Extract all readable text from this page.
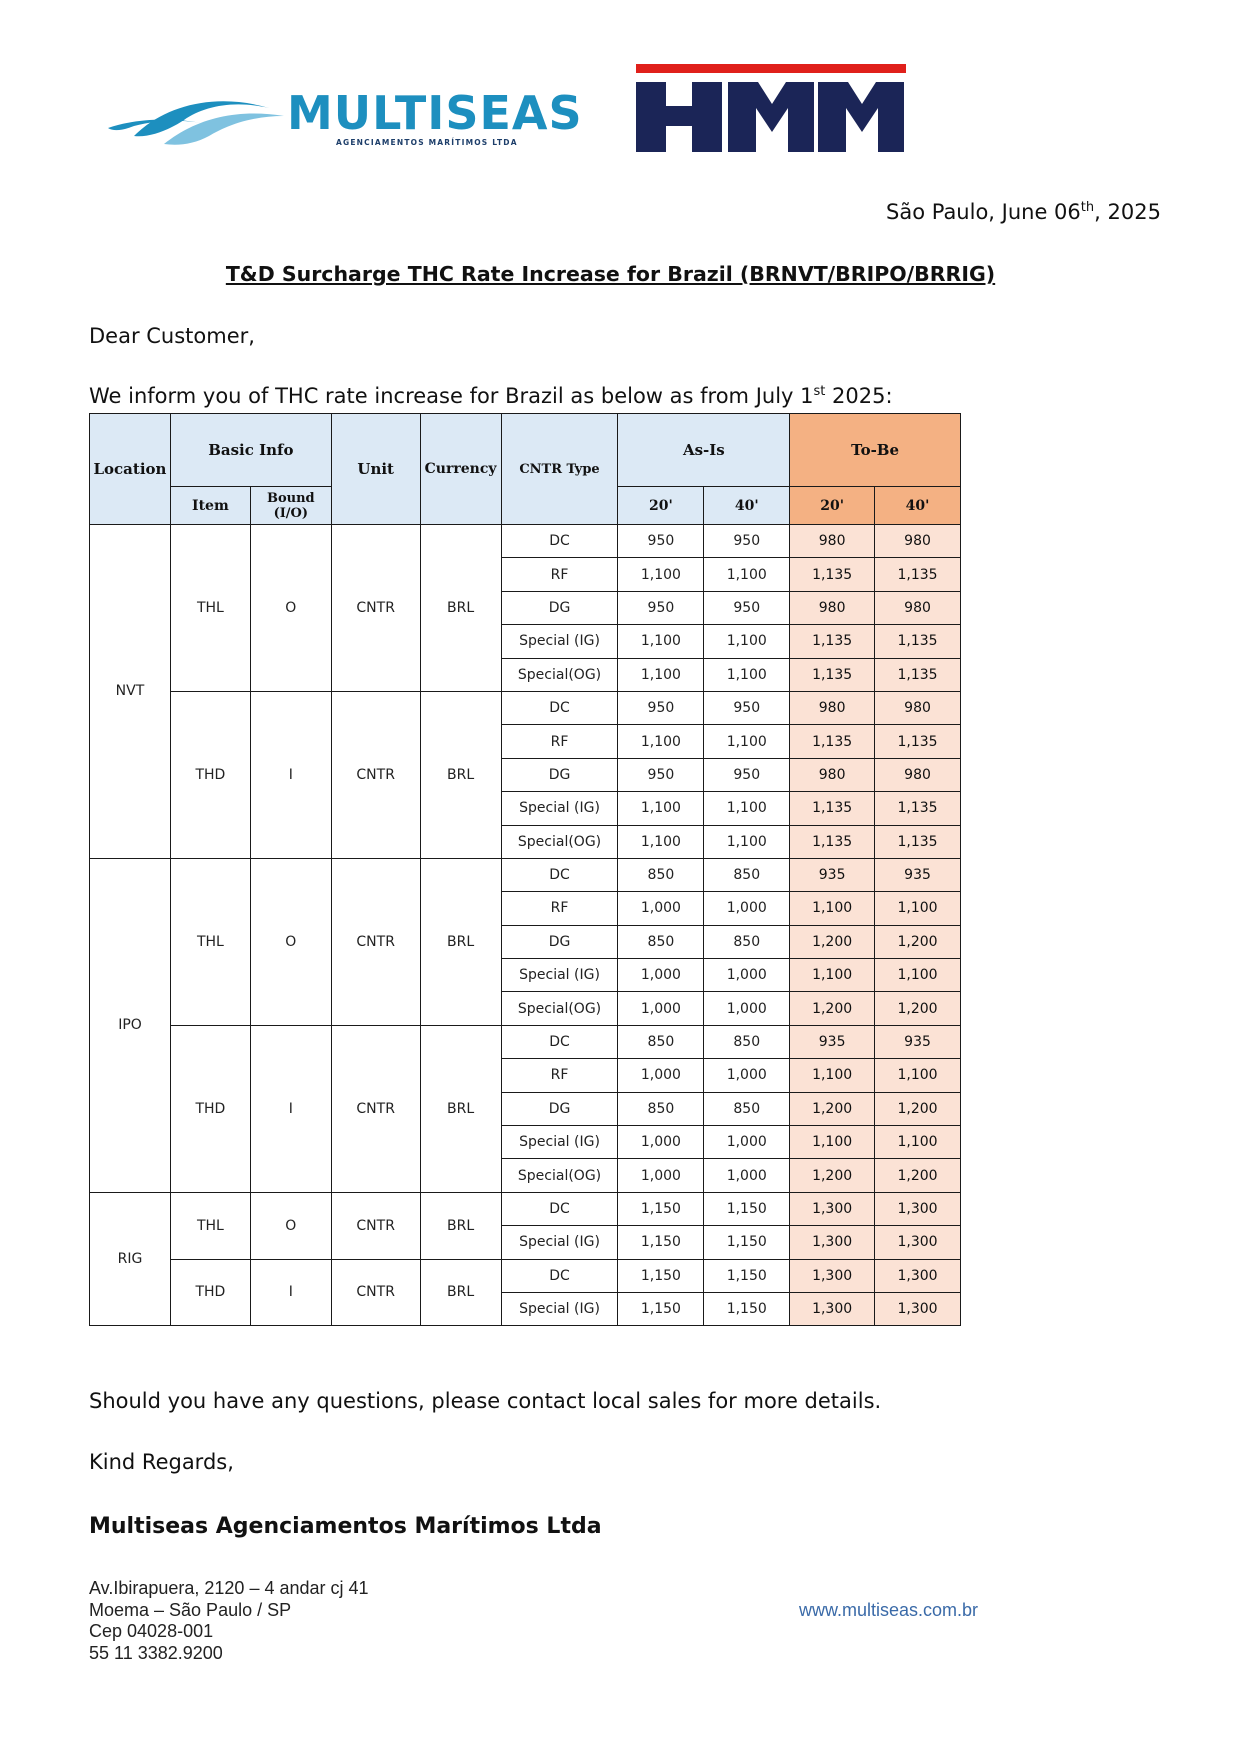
MULTISEAS
AGENCIAMENTOS MARÍTIMOS LTDA
São Paulo, June 06th, 2025
T&D Surcharge THC Rate Increase for Brazil (BRNVT/BRIPO/BRRIG)
Dear Customer,
We inform you of THC rate increase for Brazil as below as from July 1st 2025:
Location	Basic Info		Unit	Currency	CNTR Type	As-Is		To-Be	
	Item	Bound (I/O)				20'	40'	20'	40'
NVT	THL	O	CNTR	BRL	DC	950	950	980	980
					RF	1,100	1,100	1,135	1,135
					DG	950	950	980	980
					Special (IG)	1,100	1,100	1,135	1,135
					Special(OG)	1,100	1,100	1,135	1,135
	THD	I	CNTR	BRL	DC	950	950	980	980
					RF	1,100	1,100	1,135	1,135
					DG	950	950	980	980
					Special (IG)	1,100	1,100	1,135	1,135
					Special(OG)	1,100	1,100	1,135	1,135
IPO	THL	O	CNTR	BRL	DC	850	850	935	935
					RF	1,000	1,000	1,100	1,100
					DG	850	850	1,200	1,200
					Special (IG)	1,000	1,000	1,100	1,100
					Special(OG)	1,000	1,000	1,200	1,200
	THD	I	CNTR	BRL	DC	850	850	935	935
					RF	1,000	1,000	1,100	1,100
					DG	850	850	1,200	1,200
					Special (IG)	1,000	1,000	1,100	1,100
					Special(OG)	1,000	1,000	1,200	1,200
RIG	THL	O	CNTR	BRL	DC	1,150	1,150	1,300	1,300
					Special (IG)	1,150	1,150	1,300	1,300
	THD	I	CNTR	BRL	DC	1,150	1,150	1,300	1,300
					Special (IG)	1,150	1,150	1,300	1,300
Should you have any questions, please contact local sales for more details.
Kind Regards,
Multiseas Agenciamentos Marítimos Ltda
Av.Ibirapuera, 2120 – 4 andar cj 41
Moema – São Paulo / SP
Cep 04028-001
55 11 3382.9200
www.multiseas.com.br
